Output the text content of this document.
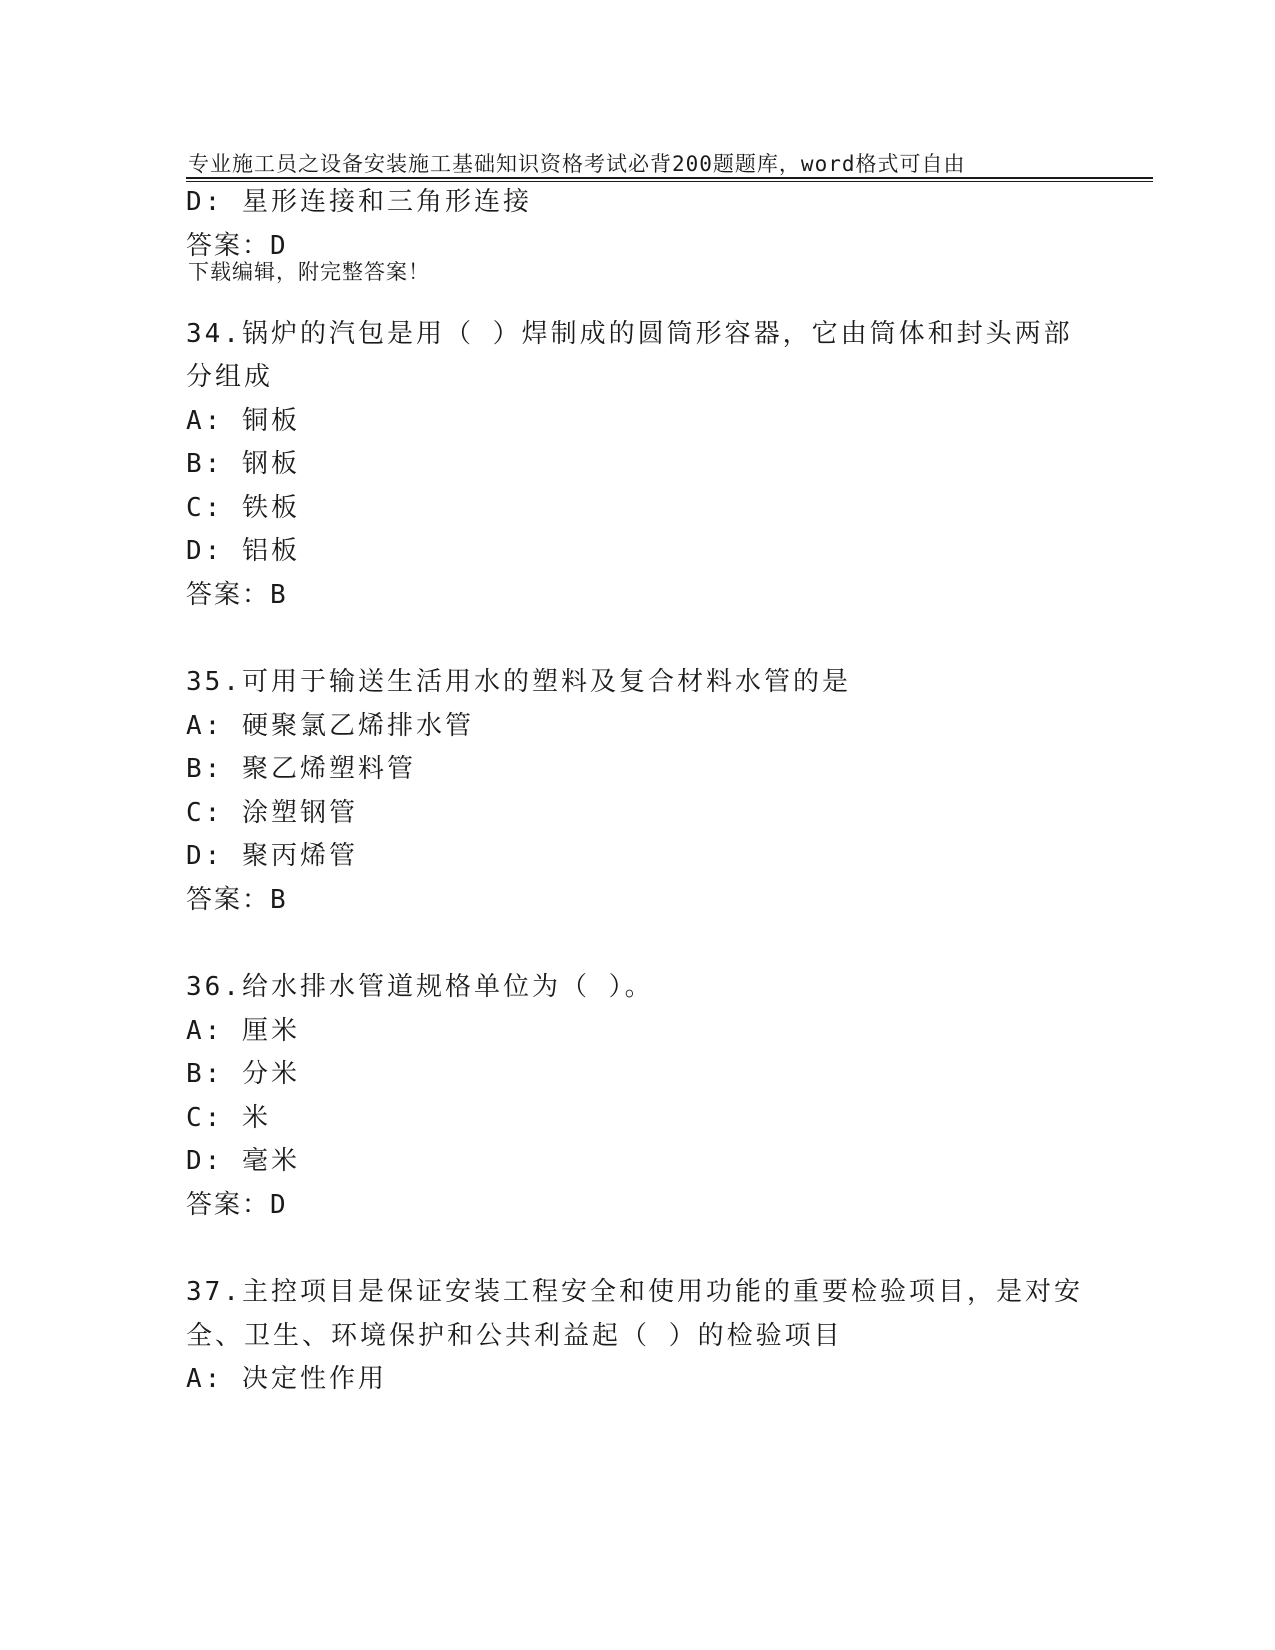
专业施工员之设备安装施工基础知识资格考试必背200题题库，word格式可自由

下载编辑，附完整答案！

D: 星形连接和三角形连接
答案：D
34.锅炉的汽包是用（ ）焊制成的圆筒形容器，它由筒体和封头两部
分组成
A: 铜板
B: 钢板
C: 铁板
D: 铝板
答案：B
35.可用于输送生活用水的塑料及复合材料水管的是
A: 硬聚氯乙烯排水管
B: 聚乙烯塑料管
C: 涂塑钢管
D: 聚丙烯管
答案：B
36.给水排水管道规格单位为（ ）。
A: 厘米
B: 分米
C: 米
D: 毫米
答案：D
37.主控项目是保证安装工程安全和使用功能的重要检验项目，是对安
全、卫生、环境保护和公共利益起（ ）的检验项目
A: 决定性作用
